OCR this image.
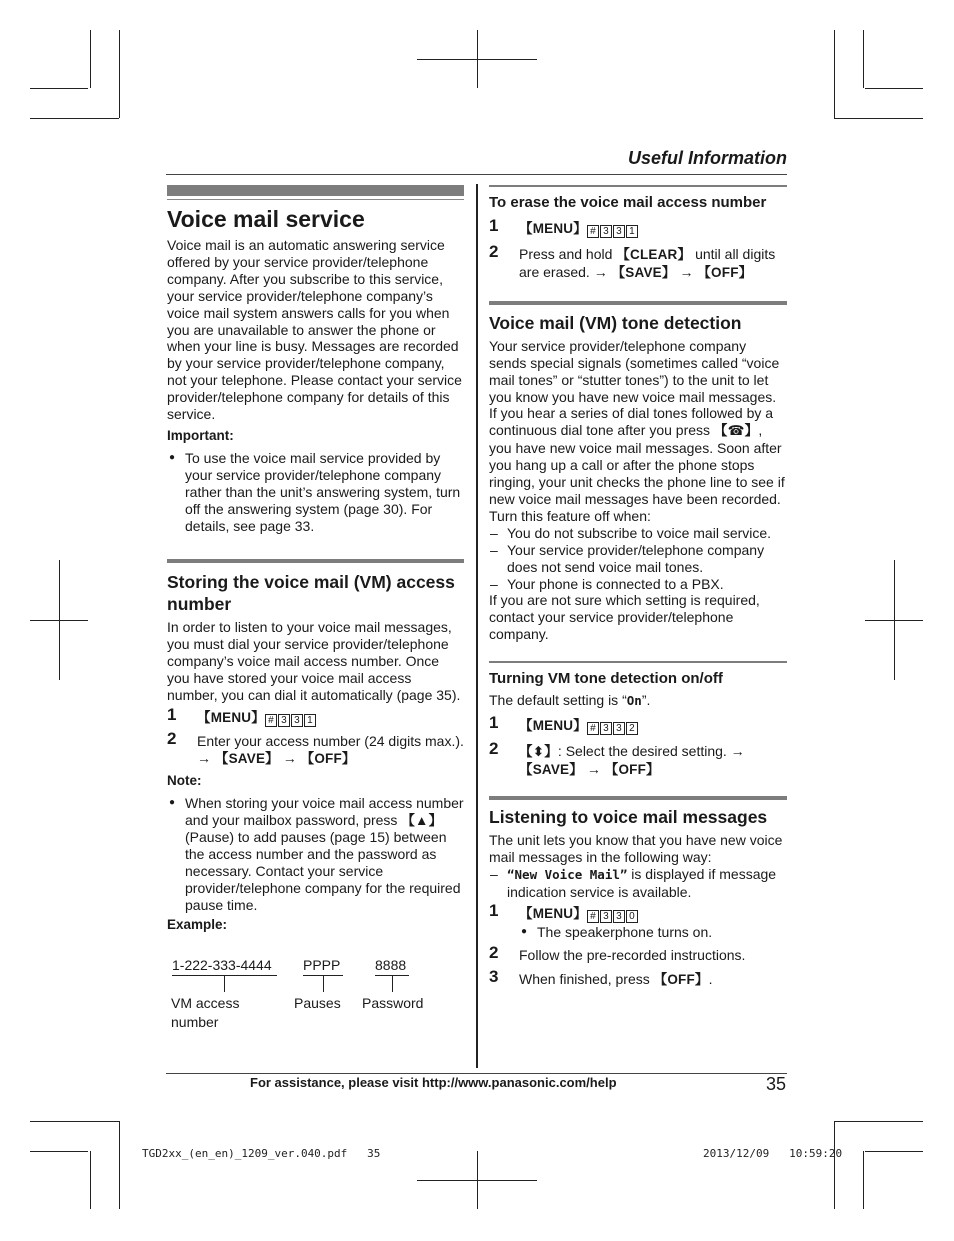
Useful Information

Voice mail service

Voice mail is an automatic answering service offered by your service provider/telephone company. After you subscribe to this service, your service provider/telephone company’s voice mail system answers calls for you when you are unavailable to answer the phone or when your line is busy. Messages are recorded by your service provider/telephone company, not your telephone. Please contact your service provider/telephone company for details of this service.

Important:

● To use the voice mail service provided by your service provider/telephone company rather than the unit’s answering system, turn off the answering system (page 30). For details, see page 33.

Storing the voice mail (VM) access number

In order to listen to your voice mail messages, you must dial your service provider/telephone company’s voice mail access number. Once you have stored your voice mail access number, you can dial it automatically (page 35).

1 【MENU】 # 3 3 1
2 Enter your access number (24 digits max.). → 【SAVE】 → 【OFF】

Note:

● When storing your voice mail access number and your mailbox password, press 【▲】 (Pause) to add pauses (page 15) between the access number and the password as necessary. Contact your service provider/telephone company for the required pause time.

Example:

1-222-333-4444 PPPP 8888
VM access number
Pauses Password

To erase the voice mail access number

1 【MENU】 # 3 3 1
2 Press and hold 【CLEAR】 until all digits are erased. → 【SAVE】 → 【OFF】

Voice mail (VM) tone detection

Your service provider/telephone company sends special signals (sometimes called “voice mail tones” or “stutter tones”) to the unit to let you know you have new voice mail messages. If you hear a series of dial tones followed by a continuous dial tone after you press 【☎】, you have new voice mail messages. Soon after you hang up a call or after the phone stops ringing, your unit checks the phone line to see if new voice mail messages have been recorded.

Turn this feature off when:

– You do not subscribe to voice mail service.

– Your service provider/telephone company does not send voice mail tones.

– Your phone is connected to a PBX.

If you are not sure which setting is required, contact your service provider/telephone company.

Turning VM tone detection on/off

The default setting is “On”.

1 【MENU】 # 3 3 2
2 【⬍】: Select the desired setting. → 【SAVE】 → 【OFF】

Listening to voice mail messages

The unit lets you know that you have new voice mail messages in the following way:

– “New Voice Mail” is displayed if message indication service is available.

1 【MENU】 # 3 3 0

● The speakerphone turns on.

2 Follow the pre-recorded instructions.
3 When finished, press 【OFF】.
For assistance, please visit http://www.panasonic.com/help	35
TGD2xx_(en_en)_1209_ver.040.pdf   35	2013/12/09   10:59:20
